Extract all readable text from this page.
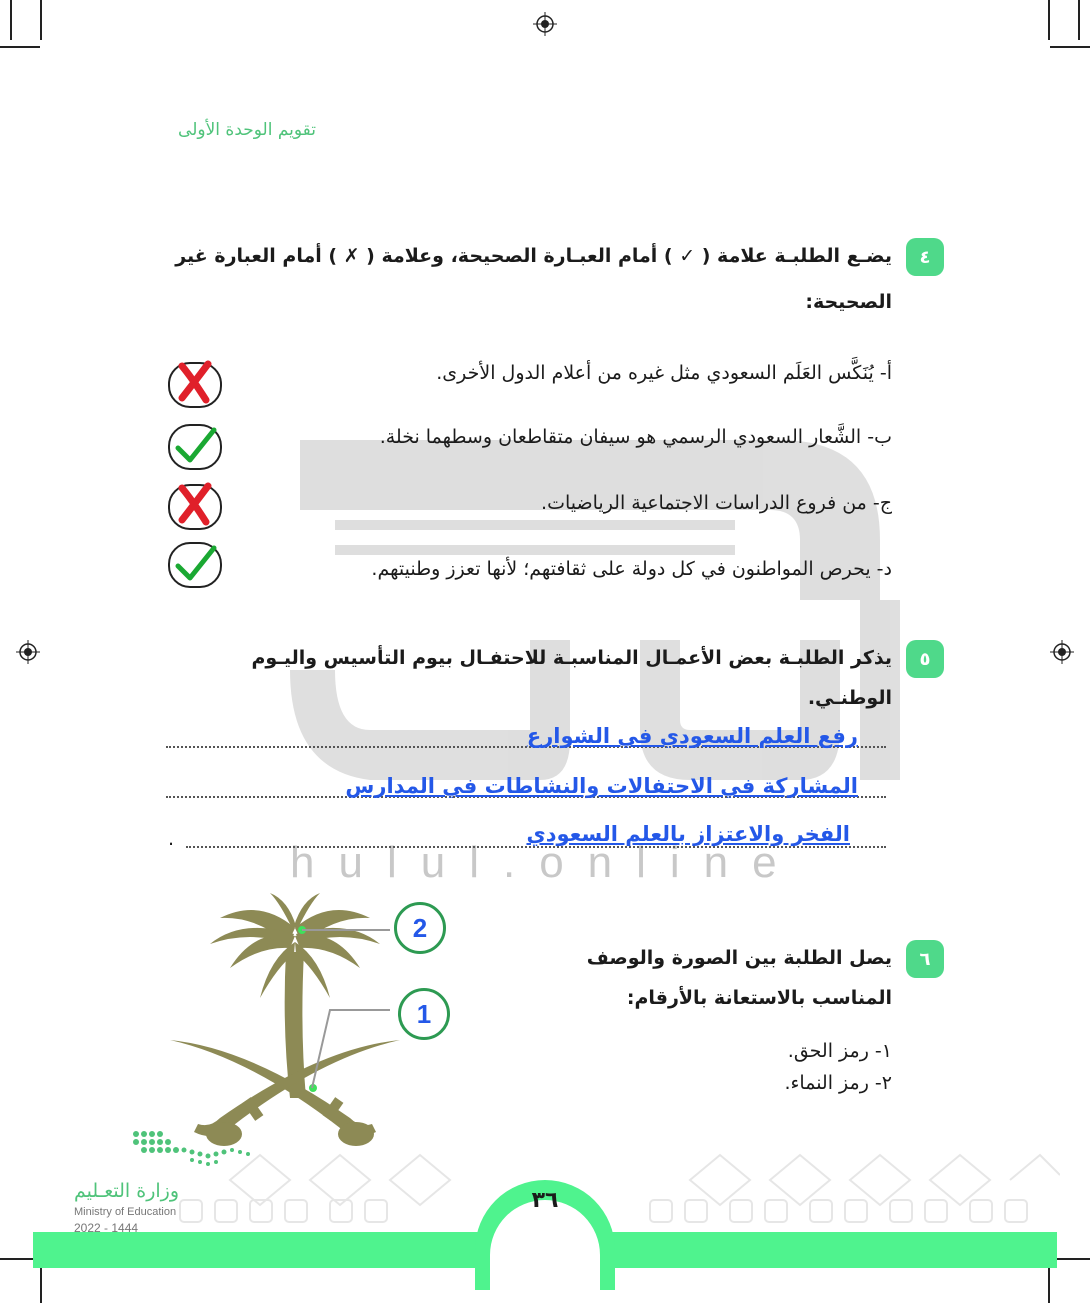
hulul.online
تقويم الوحدة الأولى
٤
يضـع الطلبـة علامة ( ✓ ) أمام العبـارة الصحيحة، وعلامة ( ✗ ) أمام العبارة غير
الصحيحة:
أ- يُنَكَّس العَلَم السعودي مثل غيره من أعلام الدول الأخرى.
ب- الشَّعار السعودي الرسمي هو سيفان متقاطعان وسطهما نخلة.
ج- من فروع الدراسات الاجتماعية الرياضيات.
د- يحرص المواطنون في كل دولة على ثقافتهم؛ لأنها تعزز وطنيتهم.
٥
يذكر الطلبـة بعض الأعمـال المناسبـة للاحتفـال بيوم التأسيس واليـوم
الوطنـي.
.
رفع العلم السعودي في الشوارع
المشاركة في الاحتفالات والنشاطات في المدارس
الفخر والاعتزاز بالعلم السعودي
٦
يصل الطلبة بين الصورة والوصف
المناسب بالاستعانة بالأرقام:
١- رمز الحق.
٢- رمز النماء.
2
1
٣٦
وزارة التعـليم
Ministry of Education
2022 - 1444
